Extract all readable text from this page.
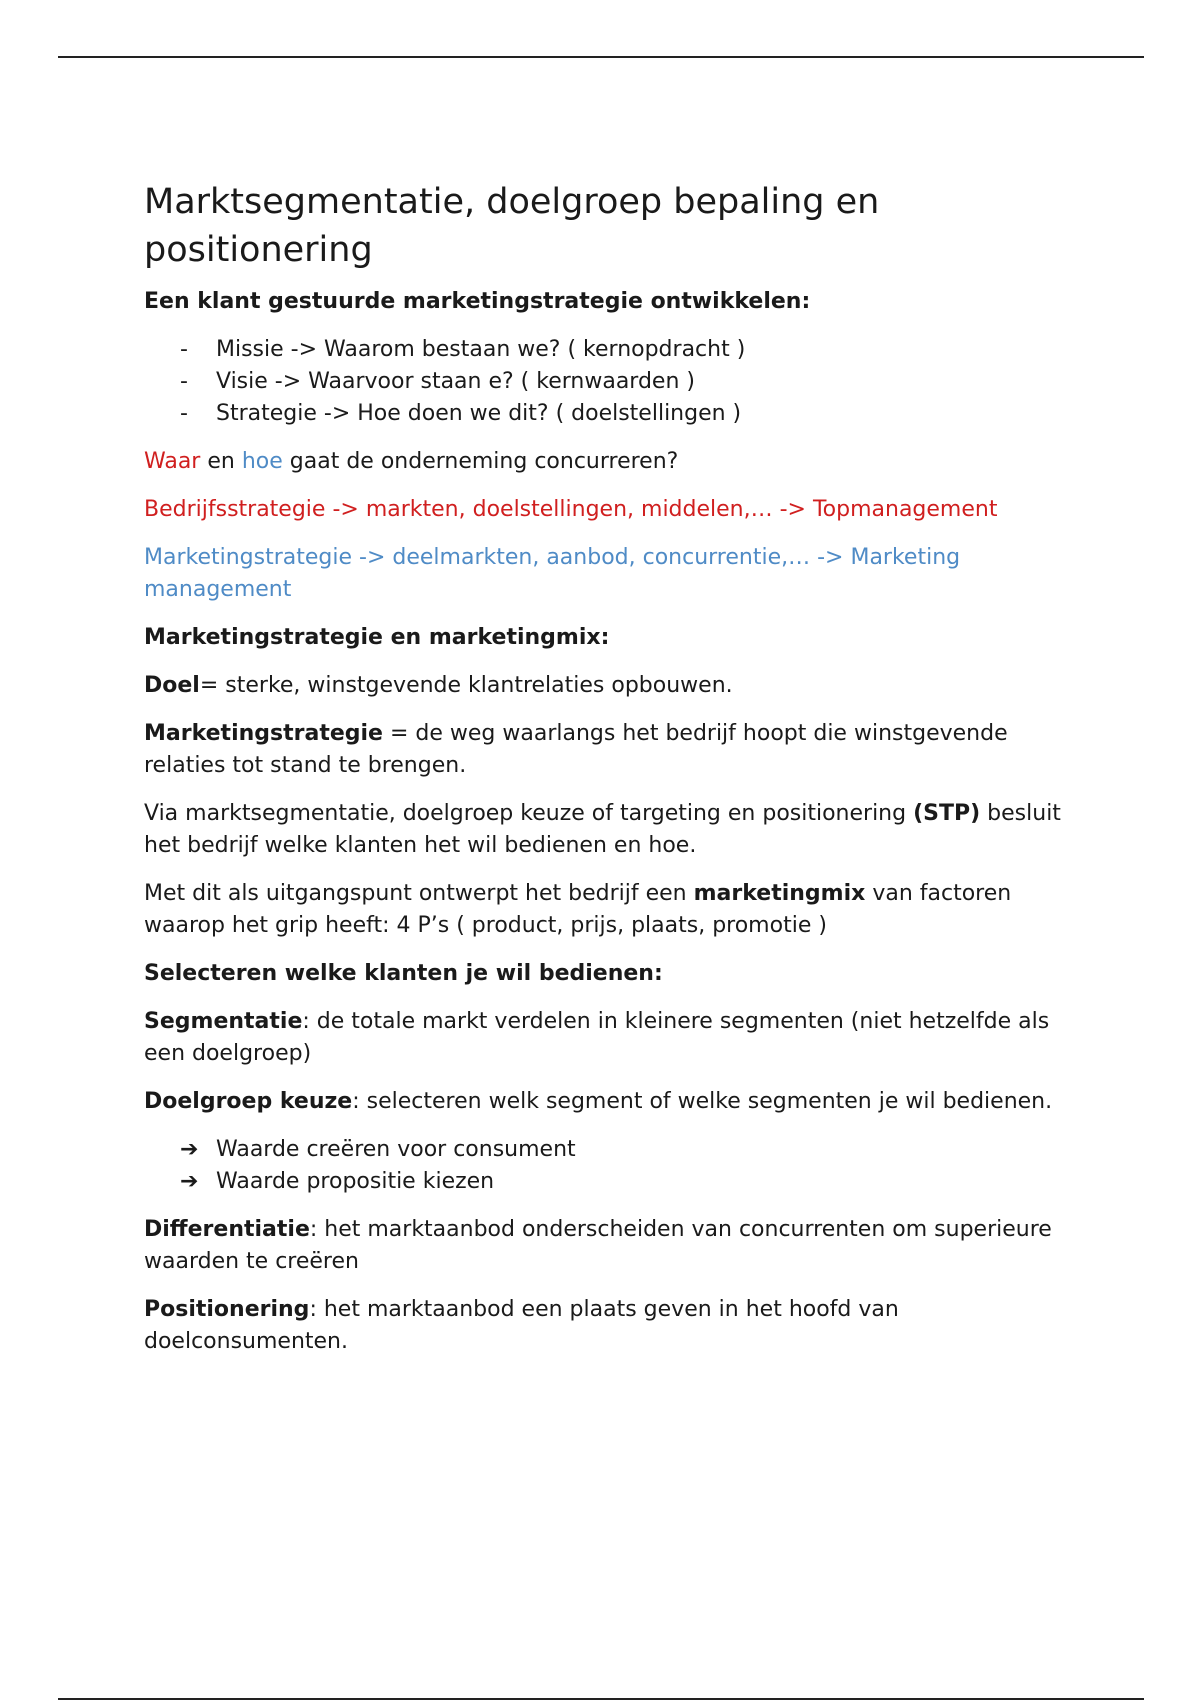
Marktsegmentatie, doelgroep bepaling en positionering

Een klant gestuurde marketingstrategie ontwikkelen:

- Missie -> Waarom bestaan we? ( kernopdracht )
- Visie -> Waarvoor staan e? ( kernwaarden )
- Strategie -> Hoe doen we dit? ( doelstellingen )

Waar en hoe gaat de onderneming concurreren?

Bedrijfsstrategie -> markten, doelstellingen, middelen,… -> Topmanagement

Marketingstrategie -> deelmarkten, aanbod, concurrentie,… -> Marketing management

Marketingstrategie en marketingmix:

Doel= sterke, winstgevende klantrelaties opbouwen.

Marketingstrategie = de weg waarlangs het bedrijf hoopt die winstgevende relaties tot stand te brengen.

Via marktsegmentatie, doelgroep keuze of targeting en positionering (STP) besluit het bedrijf welke klanten het wil bedienen en hoe.

Met dit als uitgangspunt ontwerpt het bedrijf een marketingmix van factoren waarop het grip heeft: 4 P’s ( product, prijs, plaats, promotie )

Selecteren welke klanten je wil bedienen:

Segmentatie: de totale markt verdelen in kleinere segmenten (niet hetzelfde als een doelgroep)

Doelgroep keuze: selecteren welk segment of welke segmenten je wil bedienen.

➔ Waarde creëren voor consument
➔ Waarde propositie kiezen

Differentiatie: het marktaanbod onderscheiden van concurrenten om superieure waarden te creëren

Positionering: het marktaanbod een plaats geven in het hoofd van doelconsumenten.
